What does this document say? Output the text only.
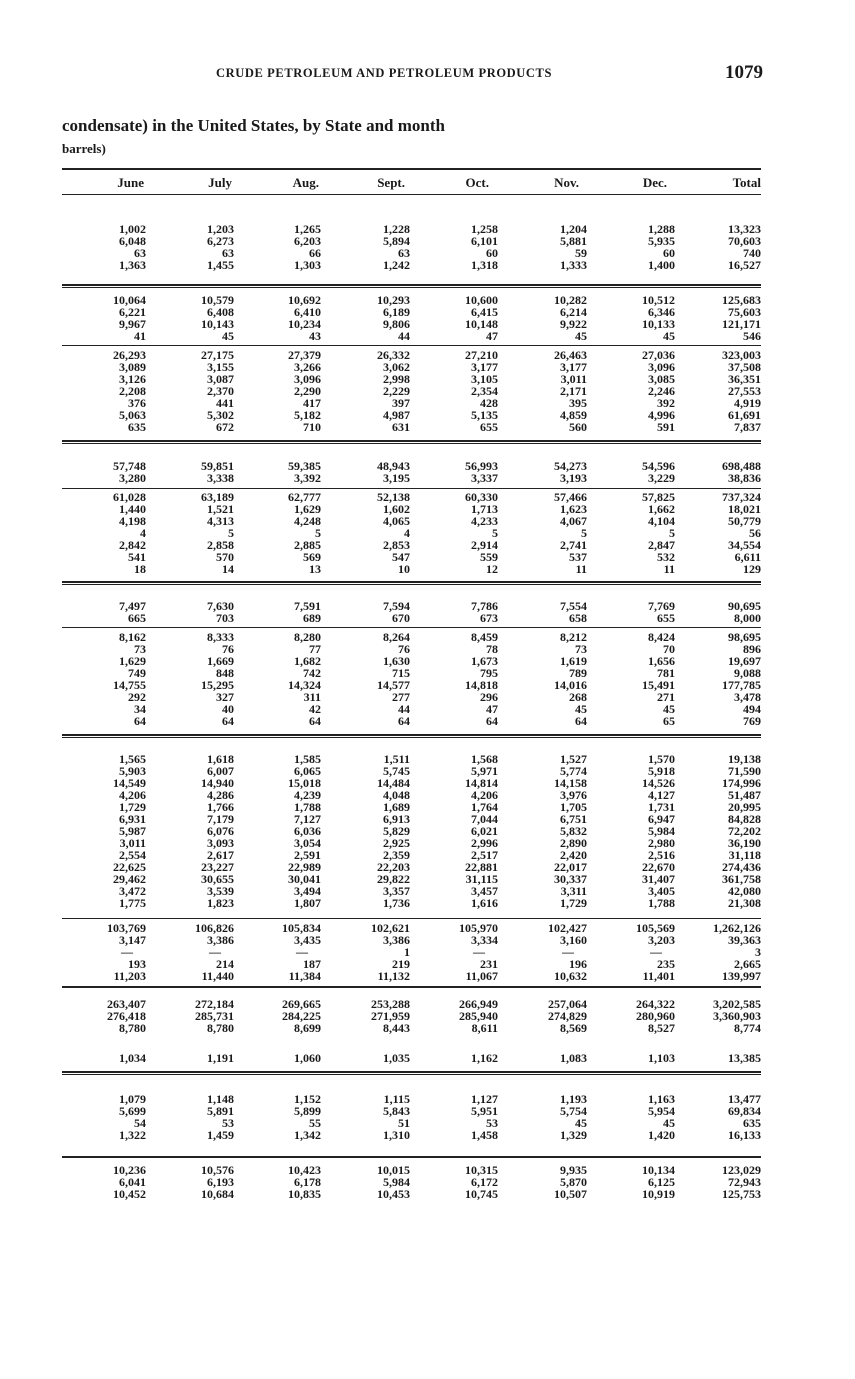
CRUDE PETROLEUM AND PETROLEUM PRODUCTS	1079
condensate) in the United States, by State and month
barrels)
June	July	Aug.	Sept.	Oct.	Nov.	Dec.	Total
1,002	1,203	1,265	1,228	1,258	1,204	1,288	13,323
6,048	6,273	6,203	5,894	6,101	5,881	5,935	70,603
63	63	66	63	60	59	60	740
1,363	1,455	1,303	1,242	1,318	1,333	1,400	16,527
10,064	10,579	10,692	10,293	10,600	10,282	10,512	125,683
6,221	6,408	6,410	6,189	6,415	6,214	6,346	75,603
9,967	10,143	10,234	9,806	10,148	9,922	10,133	121,171
41	45	43	44	47	45	45	546
26,293	27,175	27,379	26,332	27,210	26,463	27,036	323,003
3,089	3,155	3,266	3,062	3,177	3,177	3,096	37,508
3,126	3,087	3,096	2,998	3,105	3,011	3,085	36,351
2,208	2,370	2,290	2,229	2,354	2,171	2,246	27,553
376	441	417	397	428	395	392	4,919
5,063	5,302	5,182	4,987	5,135	4,859	4,996	61,691
635	672	710	631	655	560	591	7,837
57,748	59,851	59,385	48,943	56,993	54,273	54,596	698,488
3,280	3,338	3,392	3,195	3,337	3,193	3,229	38,836
61,028	63,189	62,777	52,138	60,330	57,466	57,825	737,324
1,440	1,521	1,629	1,602	1,713	1,623	1,662	18,021
4,198	4,313	4,248	4,065	4,233	4,067	4,104	50,779
4	5	5	4	5	5	5	56
2,842	2,858	2,885	2,853	2,914	2,741	2,847	34,554
541	570	569	547	559	537	532	6,611
18	14	13	10	12	11	11	129
7,497	7,630	7,591	7,594	7,786	7,554	7,769	90,695
665	703	689	670	673	658	655	8,000
8,162	8,333	8,280	8,264	8,459	8,212	8,424	98,695
73	76	77	76	78	73	70	896
1,629	1,669	1,682	1,630	1,673	1,619	1,656	19,697
749	848	742	715	795	789	781	9,088
14,755	15,295	14,324	14,577	14,818	14,016	15,491	177,785
292	327	311	277	296	268	271	3,478
34	40	42	44	47	45	45	494
64	64	64	64	64	64	65	769
1,565	1,618	1,585	1,511	1,568	1,527	1,570	19,138
5,903	6,007	6,065	5,745	5,971	5,774	5,918	71,590
14,549	14,940	15,018	14,484	14,814	14,158	14,526	174,996
4,206	4,286	4,239	4,048	4,206	3,976	4,127	51,487
1,729	1,766	1,788	1,689	1,764	1,705	1,731	20,995
6,931	7,179	7,127	6,913	7,044	6,751	6,947	84,828
5,987	6,076	6,036	5,829	6,021	5,832	5,984	72,202
3,011	3,093	3,054	2,925	2,996	2,890	2,980	36,190
2,554	2,617	2,591	2,359	2,517	2,420	2,516	31,118
22,625	23,227	22,989	22,203	22,881	22,017	22,670	274,436
29,462	30,655	30,041	29,822	31,115	30,337	31,407	361,758
3,472	3,539	3,494	3,357	3,457	3,311	3,405	42,080
1,775	1,823	1,807	1,736	1,616	1,729	1,788	21,308
103,769	106,826	105,834	102,621	105,970	102,427	105,569	1,262,126
3,147	3,386	3,435	3,386	3,334	3,160	3,203	39,363
—	—	—	1	—	—	—	3
193	214	187	219	231	196	235	2,665
11,203	11,440	11,384	11,132	11,067	10,632	11,401	139,997
263,407	272,184	269,665	253,288	266,949	257,064	264,322	3,202,585
276,418	285,731	284,225	271,959	285,940	274,829	280,960	3,360,903
8,780	8,780	8,699	8,443	8,611	8,569	8,527	8,774
1,034	1,191	1,060	1,035	1,162	1,083	1,103	13,385
1,079	1,148	1,152	1,115	1,127	1,193	1,163	13,477
5,699	5,891	5,899	5,843	5,951	5,754	5,954	69,834
54	53	55	51	53	45	45	635
1,322	1,459	1,342	1,310	1,458	1,329	1,420	16,133
10,236	10,576	10,423	10,015	10,315	9,935	10,134	123,029
6,041	6,193	6,178	5,984	6,172	5,870	6,125	72,943
10,452	10,684	10,835	10,453	10,745	10,507	10,919	125,753
